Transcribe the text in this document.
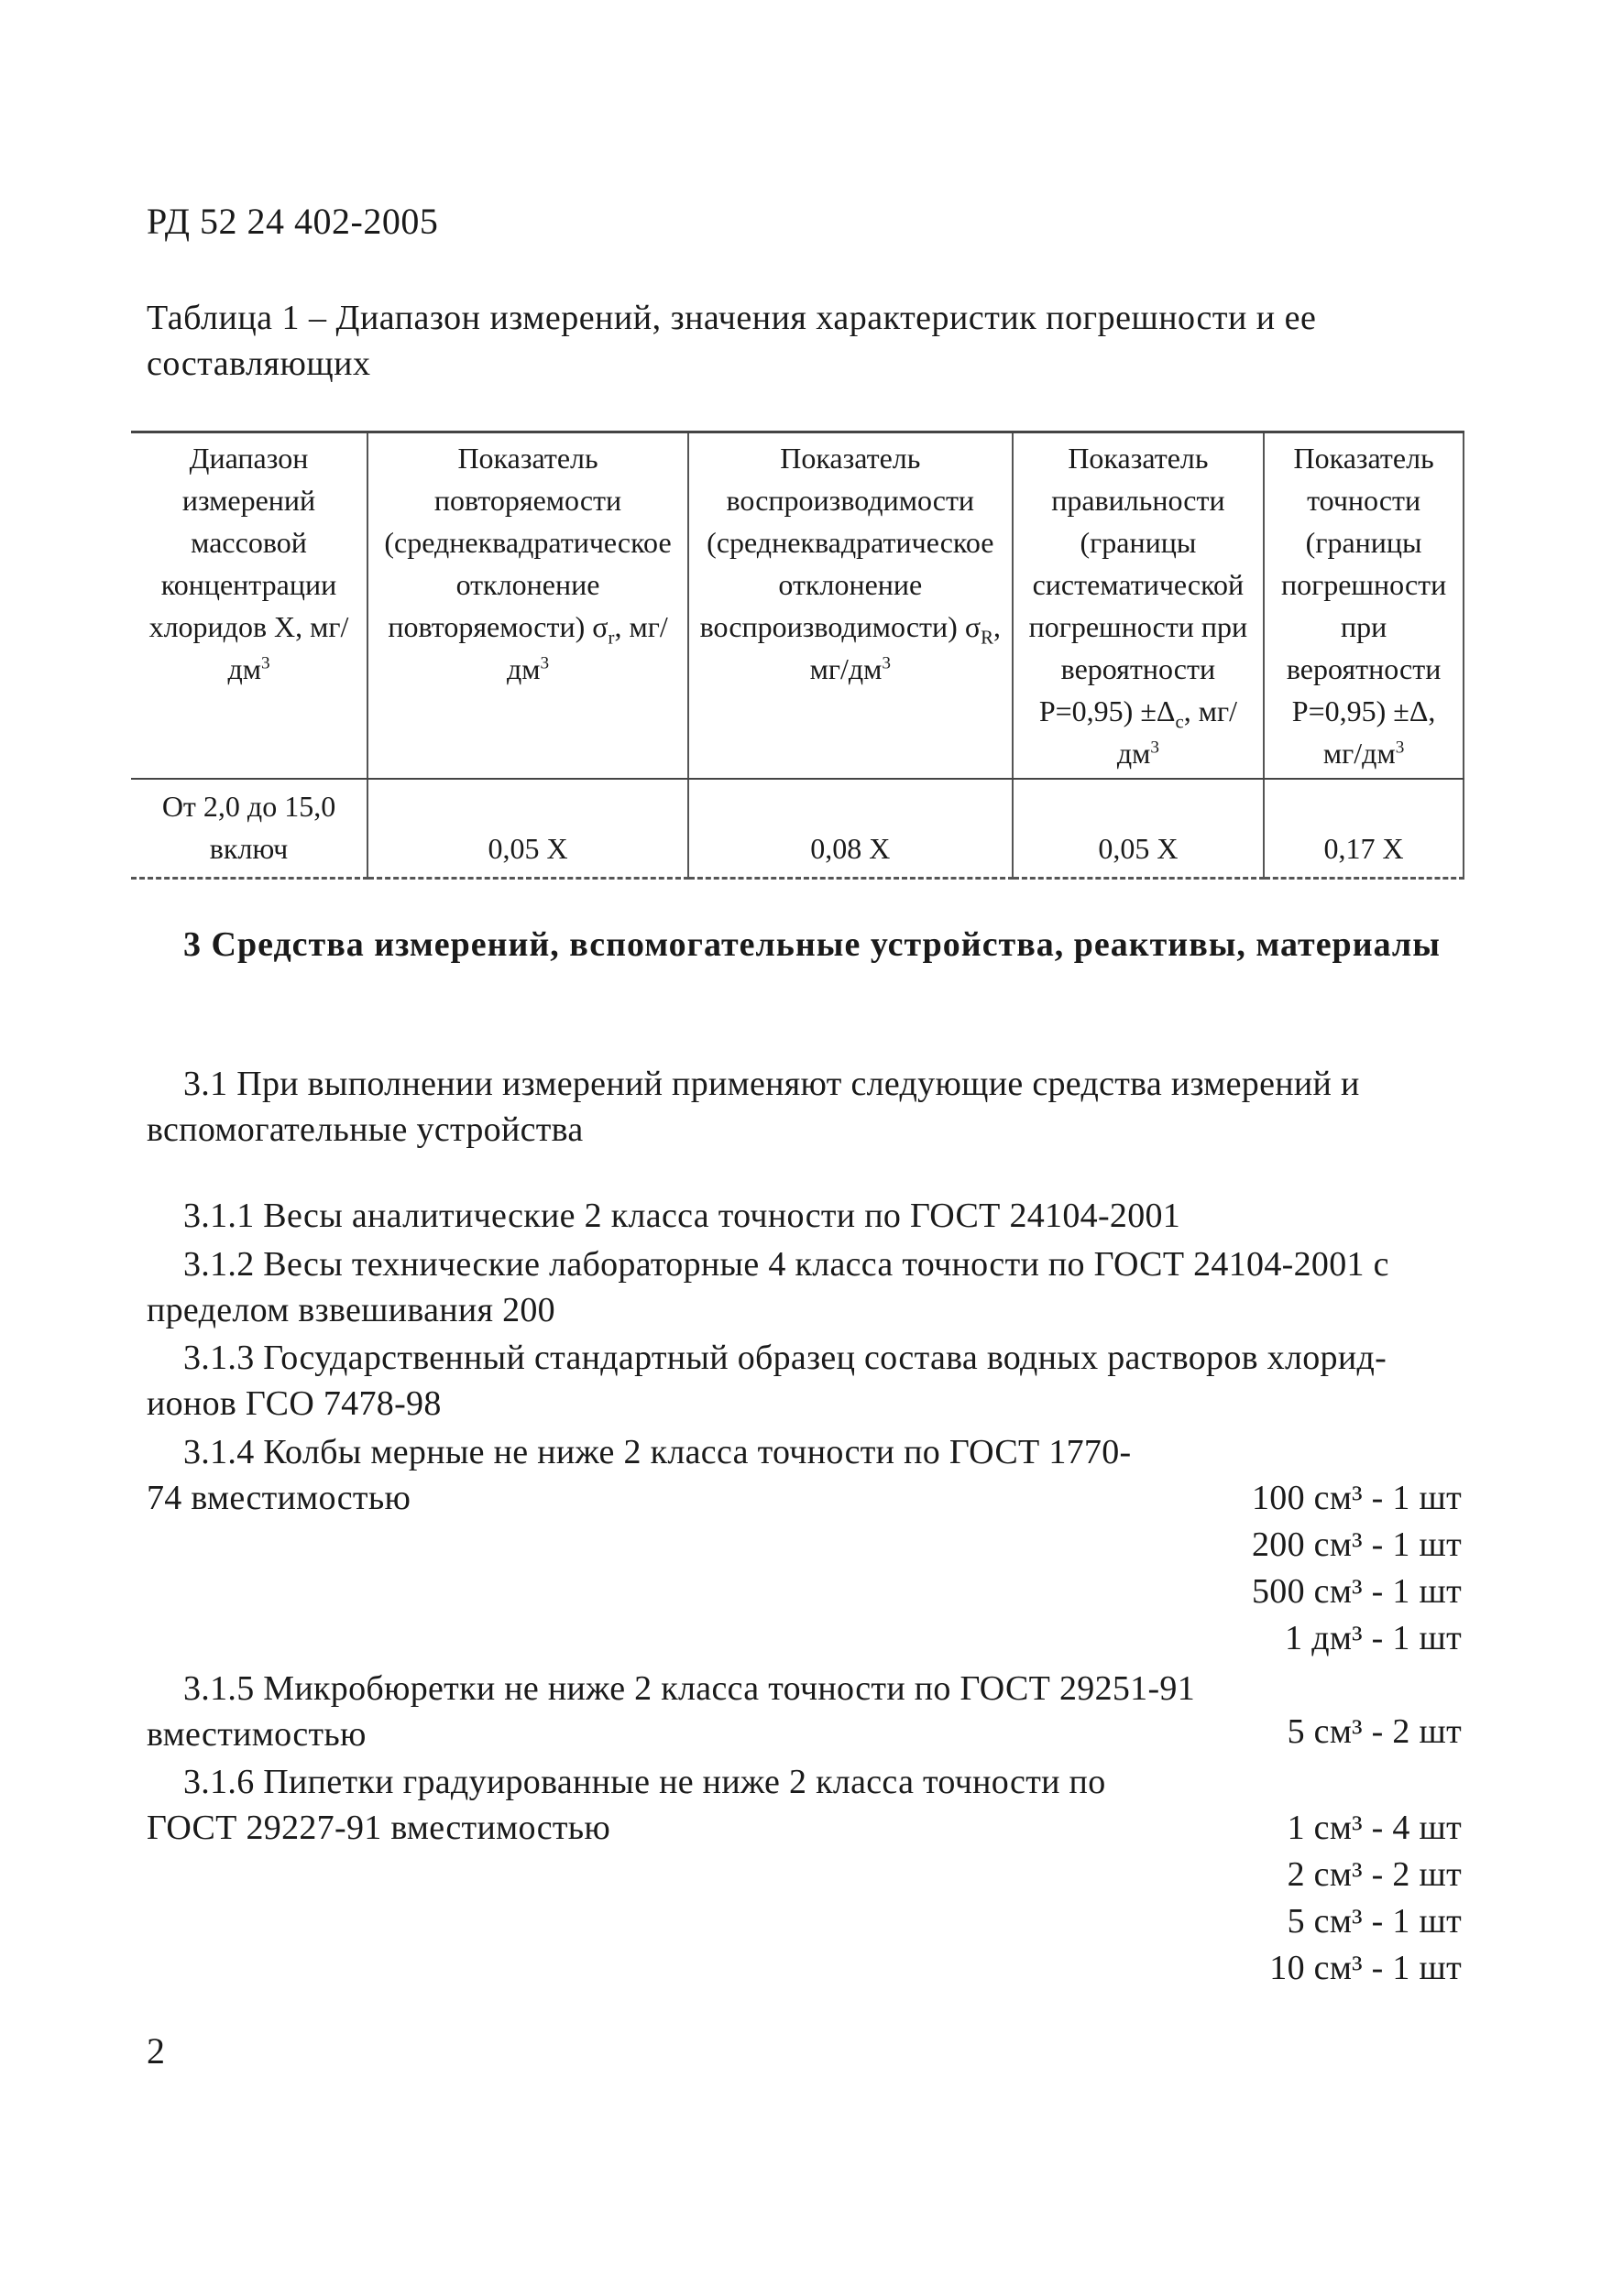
РД 52 24 402-2005
Таблица 1 – Диапазон измерений, значения характеристик погрешности и ее составляющих
Диапазон измерений массовой концентрации хлоридов X, $мг/дм^3$	Показатель повторяемости (среднеквадратическое отклонение повторяемости) $\sigma_r$, $мг/дм^3$	Показатель воспроизводимости (среднеквадратическое отклонение воспроизводимости) $\sigma_R$, $мг/дм^3$	Показатель правильности (границы систематической погрешности при вероятности $P=0,95) \pm\Delta_c$, $мг/дм^3$	Показатель точности (границы погрешности при вероятности P=0,95) ±Δ, $мг/дм^3$
От 2,0 до 15,0 включ	0,05 X	0,08 X	0,05 X	0,17 X
3 Средства измерений, вспомогательные устройства, реактивы, материалы
3.1 При выполнении измерений применяют следующие средства измерений и вспомогательные устройства
3.1.1 Весы аналитические 2 класса точности по ГОСТ 24104-2001
3.1.2 Весы технические лабораторные 4 класса точности по ГОСТ 24104-2001 с пределом взвешивания 200
3.1.3 Государственный стандартный образец состава водных растворов хлорид-ионов ГСО 7478-98
3.1.4 Колбы мерные не ниже 2 класса точности по ГОСТ 1770-74 вместимостью	100 см³ - 1 шт
200 см³ - 1 шт
500 см³ - 1 шт
1 дм³ - 1 шт
3.1.5 Микробюретки не ниже 2 класса точности по ГОСТ 29251-91 вместимостью	5 см³ - 2 шт
3.1.6 Пипетки градуированные не ниже 2 класса точности по ГОСТ 29227-91 вместимостью	1 см³ - 4 шт
2 см³ - 2 шт
5 см³ - 1 шт
10 см³ - 1 шт
2
